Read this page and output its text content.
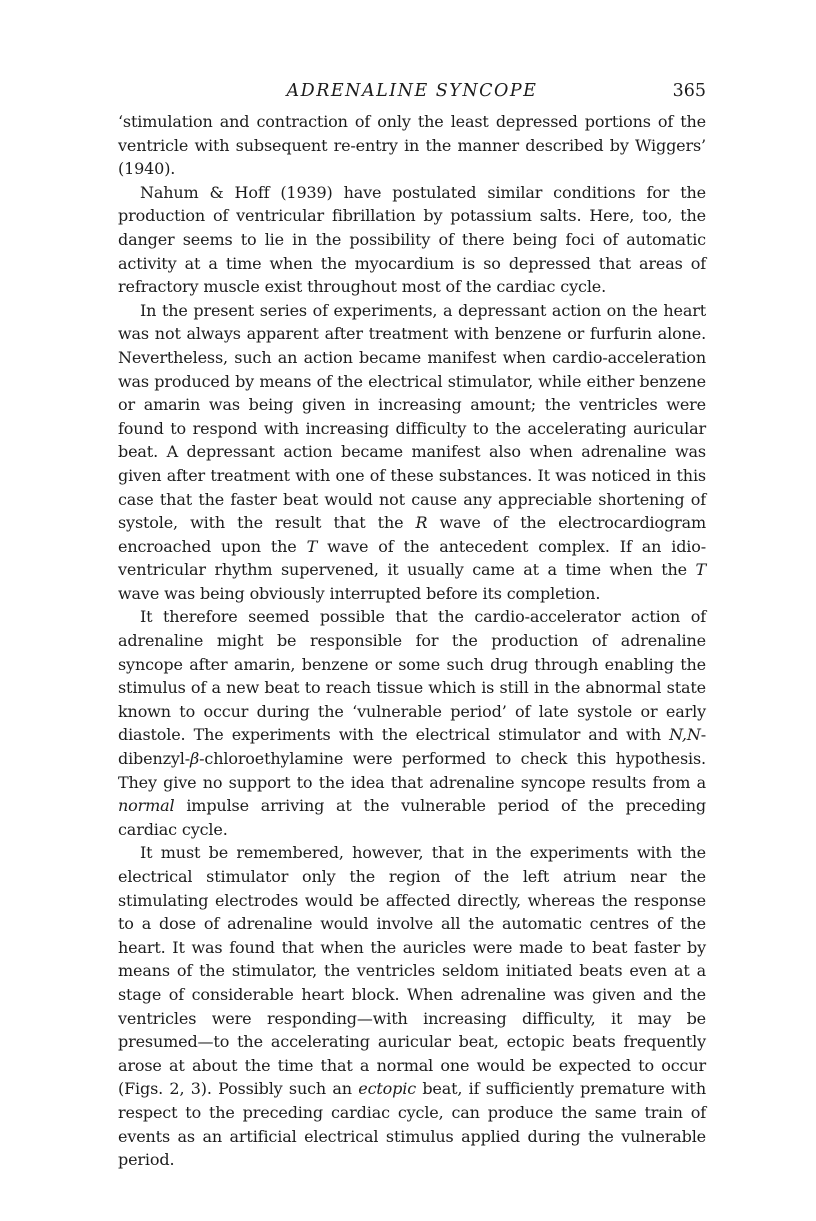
ADRENALINE SYNCOPE	365

‘stimulation and contraction of only the least depressed portions of the ventricle with subsequent re-entry in the manner described by Wiggers’ (1940).

Nahum & Hoff (1939) have postulated similar conditions for the production of ventricular fibrillation by potassium salts. Here, too, the danger seems to lie in the possibility of there being foci of automatic activity at a time when the myocardium is so depressed that areas of refractory muscle exist throughout most of the cardiac cycle.

In the present series of experiments, a depressant action on the heart was not always apparent after treatment with benzene or furfurin alone. Nevertheless, such an action became manifest when cardio-acceleration was produced by means of the electrical stimulator, while either benzene or amarin was being given in increasing amount; the ventricles were found to respond with increasing difficulty to the accelerating auricular beat. A depressant action became manifest also when adrenaline was given after treatment with one of these substances. It was noticed in this case that the faster beat would not cause any appreciable shortening of systole, with the result that the R wave of the electrocardiogram encroached upon the T wave of the antecedent complex. If an idio-ventricular rhythm supervened, it usually came at a time when the T wave was being obviously interrupted before its completion.

It therefore seemed possible that the cardio-accelerator action of adrenaline might be responsible for the production of adrenaline syncope after amarin, benzene or some such drug through enabling the stimulus of a new beat to reach tissue which is still in the abnormal state known to occur during the ‘vulnerable period’ of late systole or early diastole. The experiments with the electrical stimulator and with N,N-dibenzyl-β-chloroethylamine were performed to check this hypothesis. They give no support to the idea that adrenaline syncope results from a normal impulse arriving at the vulnerable period of the preceding cardiac cycle.

It must be remembered, however, that in the experiments with the electrical stimulator only the region of the left atrium near the stimulating electrodes would be affected directly, whereas the response to a dose of adrenaline would involve all the automatic centres of the heart. It was found that when the auricles were made to beat faster by means of the stimulator, the ventricles seldom initiated beats even at a stage of considerable heart block. When adrenaline was given and the ventricles were responding—with increasing difficulty, it may be presumed—to the accelerating auricular beat, ectopic beats frequently arose at about the time that a normal one would be expected to occur (Figs. 2, 3). Possibly such an ectopic beat, if sufficiently premature with respect to the preceding cardiac cycle, can produce the same train of events as an artificial electrical stimulus applied during the vulnerable period.
